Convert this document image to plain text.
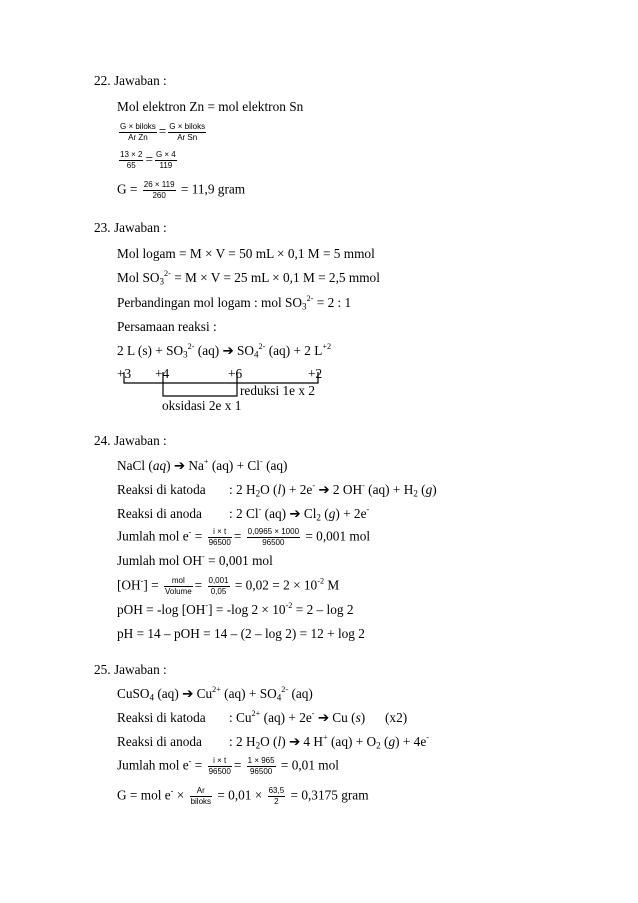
22. Jawaban :
Mol elektron Zn = mol elektron Sn
$\frac{\text{G × biloks}}{\text{Ar Zn}} = \frac{\text{G × biloks}}{\text{Ar Sn}}$
$\frac{13 \times 2}{65} = \frac{G \times 4}{119}$
$G = \frac{26 \times 119}{260} = 11,9$ gram
23. Jawaban :
Mol logam = M × V = 50 mL × 0,1 M = 5 mmol
Mol $SO_3^{2-} = M \times V = 25$ mL × 0,1 M = 2,5 mmol
Perbandingan mol logam : mol $SO_3^{2-} = 2$ : 1
Persamaan reaksi :
2 L $(s) + SO_3^{2-}$ (aq) ➔ $SO_4^{2-}$ (aq) + 2 $L^{+2}$
+3 +4	+6	+2
reduksi 1e x 2
oksidasi 2e x 1
24. Jawaban :
NaCl (aq) ➔ Na+ (aq) + Cl- (aq)
Reaksi di katoda : 2 $H_2O$ (l) + 2e- ➔ 2 OH- $(aq) + H_2$ (g)
Reaksi di anoda : 2 Cl- (aq) ➔ $Cl_2$ (g) + 2e-
Jumlah mol $e^- = \frac{i \times t}{96500} = \frac{0,0965 \times 1000}{96500} = 0,001$ mol
Jumlah mol OH- = 0,001 mol
$[OH^-] = \frac{\text{mol}}{\text{Volume}} = \frac{0,001}{0,05} = 0,02 = 2 \times 10^{-2}$ M
pOH = -log [OH-] = -log $2 \times 10^{-2} = 2 - \log 2$
pH = 14 – pOH = 14 – (2 – log 2) = 12 + log 2
25. Jawaban :
CuSO$_4$ (aq) ➔ $Cu^{2+}$ $(aq) + SO_4^{2-}$ (aq)
Reaksi di katoda : $Cu^{2+}$ (aq) + 2e- ➔ Cu (s) (x2)
Reaksi di anoda : 2 $H_2O$ (l) ➔ 4 H+ $(aq) + O_2$ (g) + 4e-
Jumlah mol $e^- = \frac{i \times t}{96500} = \frac{1 \times 965}{96500} = 0,01$ mol
G = mol $e^- \times \frac{Ar}{\text{biloks}} = 0,01 \times \frac{63,5}{2} = 0,3175$ gram
